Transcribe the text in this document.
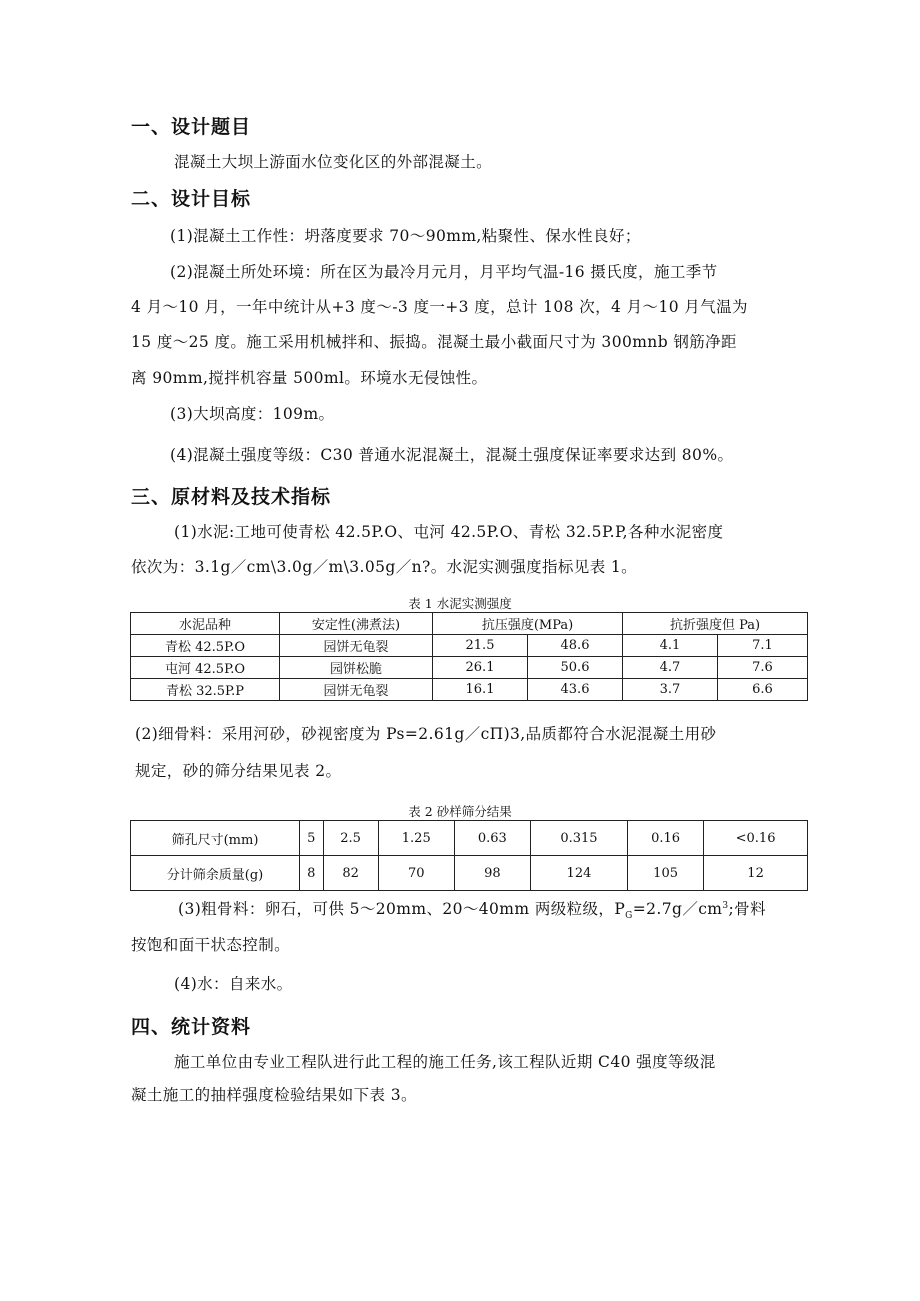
一、设计题目
混凝土大坝上游面水位变化区的外部混凝土。
二、设计目标
(1)混凝土工作性：坍落度要求 70～90mm,粘聚性、保水性良好；
(2)混凝土所处环境：所在区为最冷月元月，月平均气温-16 摄氏度，施工季节
4 月～10 月，一年中统计从+3 度～-3 度一+3 度，总计 108 次，4 月～10 月气温为
15 度～25 度。施工采用机械拌和、振捣。混凝土最小截面尺寸为 300mnb 钢筋净距
离 90mm,搅拌机容量 500ml。环境水无侵蚀性。
(3)大坝高度：109m。
(4)混凝土强度等级：C30 普通水泥混凝土，混凝土强度保证率要求达到 80%。
三、原材料及技术指标
(1)水泥:工地可使青松 42.5P.O、屯河 42.5P.O、青松 32.5P.P,各种水泥密度
依次为：3.1g／cm\3.0g／m\3.05g／n?。水泥实测强度指标见表 1。
表 1 水泥实测强度
水泥品种	安定性(沸煮法)	抗压强度(MPa)		抗折强度但 Pa)	
青松 42.5P.O	园饼无龟裂	21.5	48.6	4.1	7.1
屯河 42.5P.O	园饼松脆	26.1	50.6	4.7	7.6
青松 32.5P.P	园饼无龟裂	16.1	43.6	3.7	6.6
(2)细骨料：采用河砂，砂视密度为 Ps=2.61g／cΠ)3,品质都符合水泥混凝土用砂
规定，砂的筛分结果见表 2。
表 2 砂样筛分结果
筛孔尺寸(mm)	5	2.5	1.25	0.63	0.315	0.16	<0.16
分计筛余质量(g)	8	82	70	98	124	105	12
(3)粗骨料：卵石，可供 5～20mm、20～40mm 两级粒级，$P_G=2.7g/cm^3$;骨料
按饱和面干状态控制。
(4)水：自来水。
四、统计资料
施工单位由专业工程队进行此工程的施工任务,该工程队近期 C40 强度等级混
凝土施工的抽样强度检验结果如下表 3。
